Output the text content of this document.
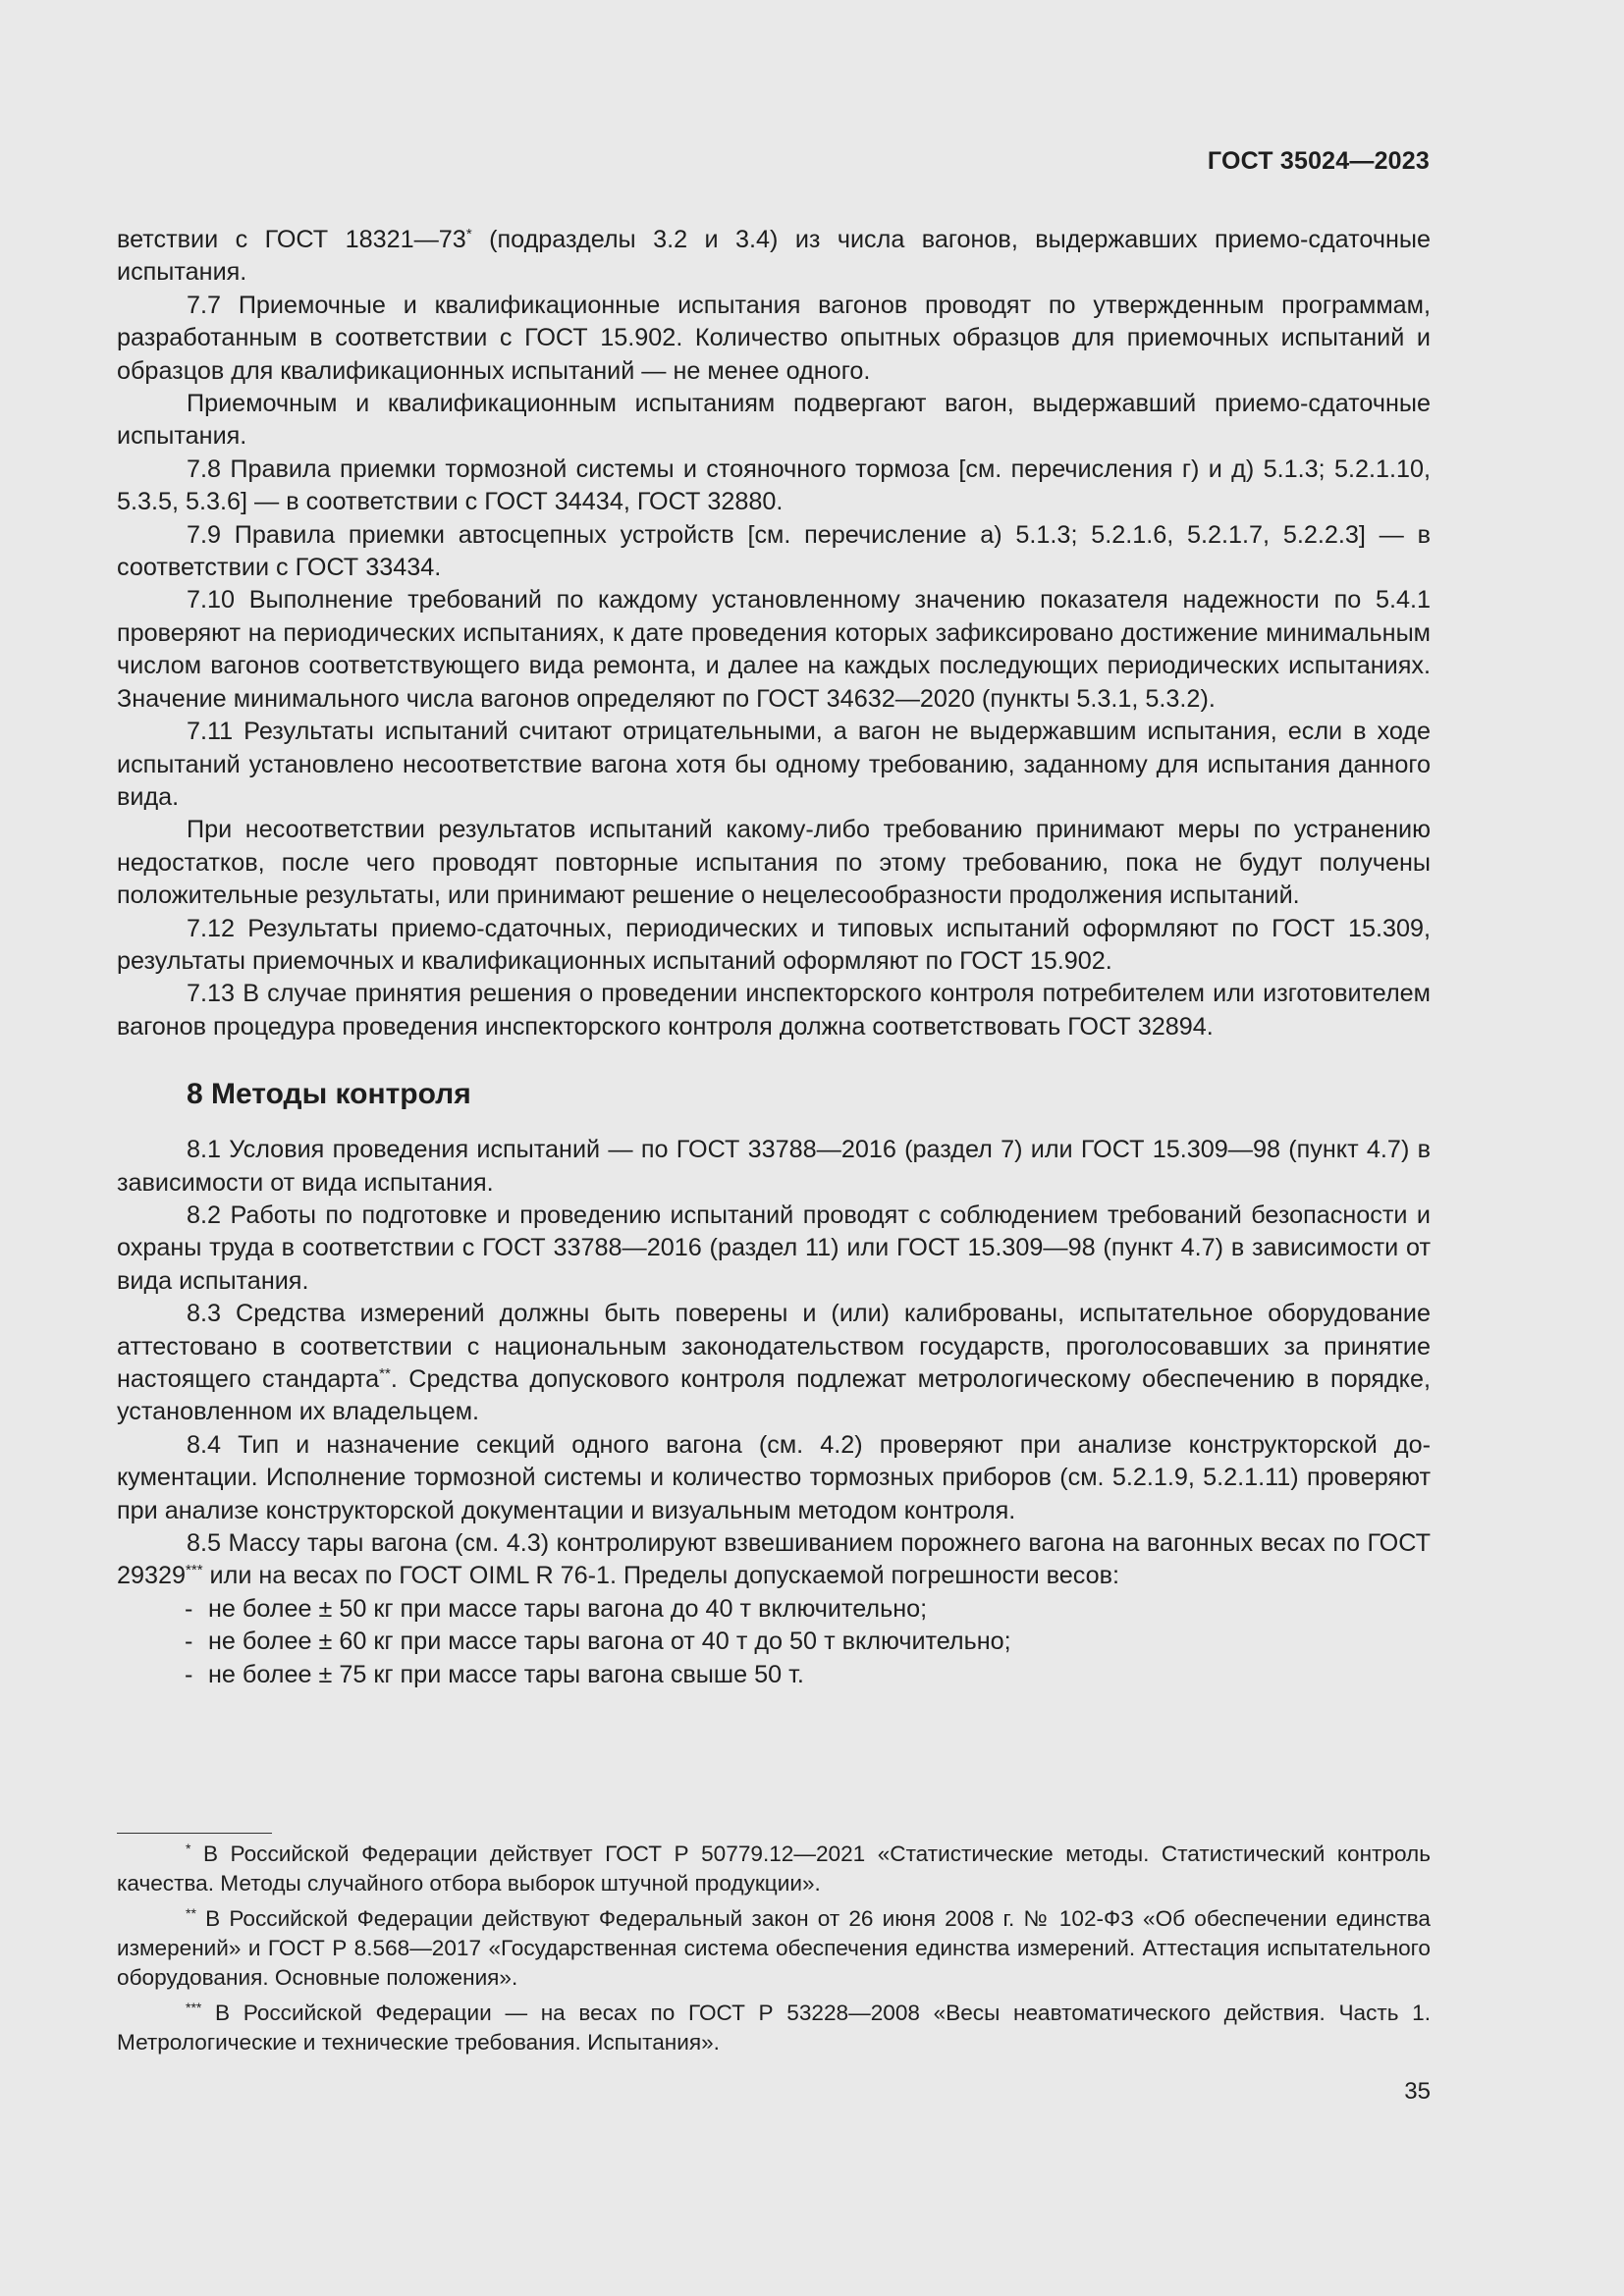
ГОСТ 35024—2023

ветствии с ГОСТ 18321—73* (подразделы 3.2 и 3.4) из числа вагонов, выдержавших приемо-сдаточные испытания.

7.7 Приемочные и квалификационные испытания вагонов проводят по утвержденным программам, разработанным в соответствии с ГОСТ 15.902. Количество опытных образцов для приемочных испытаний и образцов для квалификационных испытаний — не менее одного.

Приемочным и квалификационным испытаниям подвергают вагон, выдержавший приемо-сдаточные испытания.

7.8 Правила приемки тормозной системы и стояночного тормоза [см. перечисления г) и д) 5.1.3; 5.2.1.10, 5.3.5, 5.3.6] — в соответствии с ГОСТ 34434, ГОСТ 32880.

7.9 Правила приемки автосцепных устройств [см. перечисление а) 5.1.3; 5.2.1.6, 5.2.1.7, 5.2.2.3] — в соответствии с ГОСТ 33434.

7.10 Выполнение требований по каждому установленному значению показателя надежности по 5.4.1 проверяют на периодических испытаниях, к дате проведения которых зафиксировано достижение минимальным числом вагонов соответствующего вида ремонта, и далее на каждых последующих периодических испытаниях. Значение минимального числа вагонов определяют по ГОСТ 34632—2020 (пункты 5.3.1, 5.3.2).

7.11 Результаты испытаний считают отрицательными, а вагон не выдержавшим испытания, если в ходе испытаний установлено несоответствие вагона хотя бы одному требованию, заданному для испытания данного вида.

При несоответствии результатов испытаний какому-либо требованию принимают меры по устранению недостатков, после чего проводят повторные испытания по этому требованию, пока не будут получены положительные результаты, или принимают решение о нецелесообразности продолжения испытаний.

7.12 Результаты приемо-сдаточных, периодических и типовых испытаний оформляют по ГОСТ 15.309, результаты приемочных и квалификационных испытаний оформляют по ГОСТ 15.902.

7.13 В случае принятия решения о проведении инспекторского контроля потребителем или изготовителем вагонов процедура проведения инспекторского контроля должна соответствовать ГОСТ 32894.

8 Методы контроля

8.1 Условия проведения испытаний — по ГОСТ 33788—2016 (раздел 7) или ГОСТ 15.309—98 (пункт 4.7) в зависимости от вида испытания.

8.2 Работы по подготовке и проведению испытаний проводят с соблюдением требований безопасности и охраны труда в соответствии с ГОСТ 33788—2016 (раздел 11) или ГОСТ 15.309—98 (пункт 4.7) в зависимости от вида испытания.

8.3 Средства измерений должны быть поверены и (или) калиброваны, испытательное оборудование аттестовано в соответствии с национальным законодательством государств, проголосовавших за принятие настоящего стандарта**. Средства допускового контроля подлежат метрологическому обеспечению в порядке, установленном их владельцем.

8.4 Тип и назначение секций одного вагона (см. 4.2) проверяют при анализе конструкторской документации. Исполнение тормозной системы и количество тормозных приборов (см. 5.2.1.9, 5.2.1.11) проверяют при анализе конструкторской документации и визуальным методом контроля.

8.5 Массу тары вагона (см. 4.3) контролируют взвешиванием порожнего вагона на вагонных весах по ГОСТ 29329*** или на весах по ГОСТ OIML R 76-1. Пределы допускаемой погрешности весов:

- не более ± 50 кг при массе тары вагона до 40 т включительно;
- не более ± 60 кг при массе тары вагона от 40 т до 50 т включительно;
- не более ± 75 кг при массе тары вагона свыше 50 т.

* В Российской Федерации действует ГОСТ Р 50779.12—2021 «Статистические методы. Статистический контроль качества. Методы случайного отбора выборок штучной продукции».

** В Российской Федерации действуют Федеральный закон от 26 июня 2008 г. № 102-ФЗ «Об обеспечении единства измерений» и ГОСТ Р 8.568—2017 «Государственная система обеспечения единства измерений. Аттестация испытательного оборудования. Основные положения».

*** В Российской Федерации — на весах по ГОСТ Р 53228—2008 «Весы неавтоматического действия. Часть 1. Метрологические и технические требования. Испытания».

35
